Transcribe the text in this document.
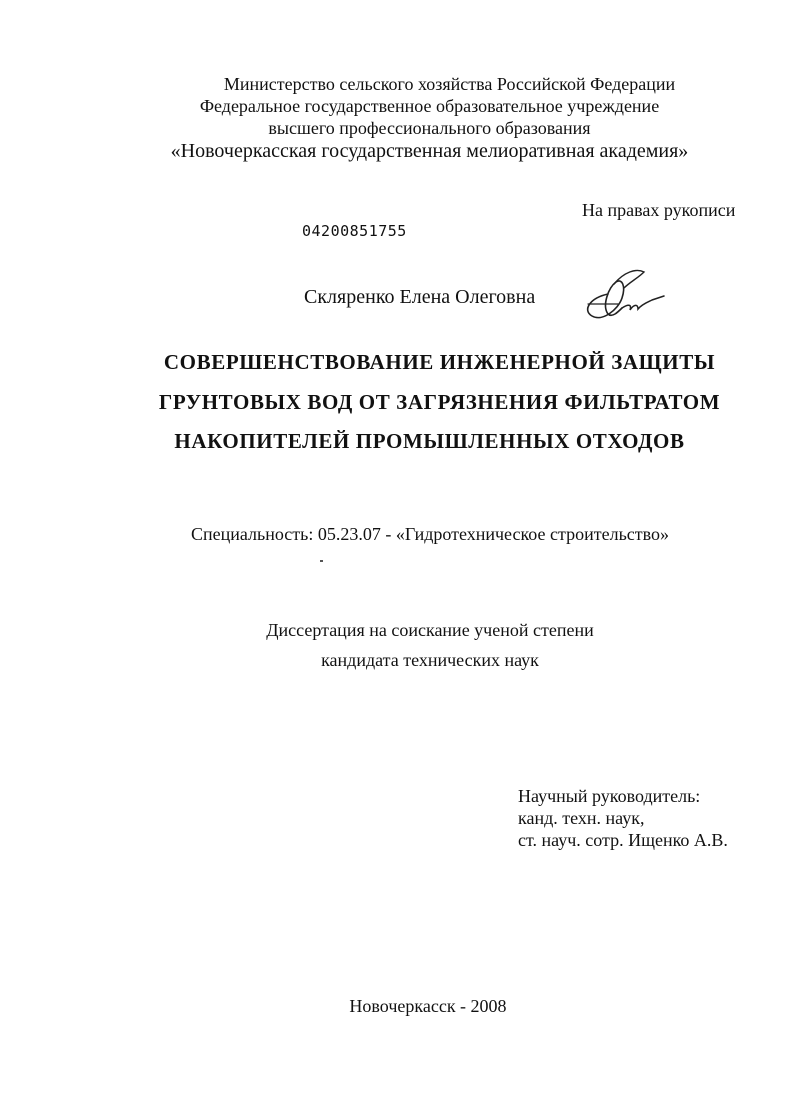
Министерство сельского хозяйства Российской Федерации
Федеральное государственное образовательное учреждение
высшего профессионального образования
«Новочеркасская государственная мелиоративная академия»
На правах рукописи
04200851755
Скляренко Елена Олеговна
СОВЕРШЕНСТВОВАНИЕ ИНЖЕНЕРНОЙ ЗАЩИТЫ
ГРУНТОВЫХ ВОД ОТ ЗАГРЯЗНЕНИЯ ФИЛЬТРАТОМ
НАКОПИТЕЛЕЙ ПРОМЫШЛЕННЫХ ОТХОДОВ
Специальность: 05.23.07 - «Гидротехническое строительство»
Диссертация на соискание ученой степени
кандидата технических наук
Научный руководитель:
канд. техн. наук,
ст. науч. сотр. Ищенко А.В.
Новочеркасск - 2008
